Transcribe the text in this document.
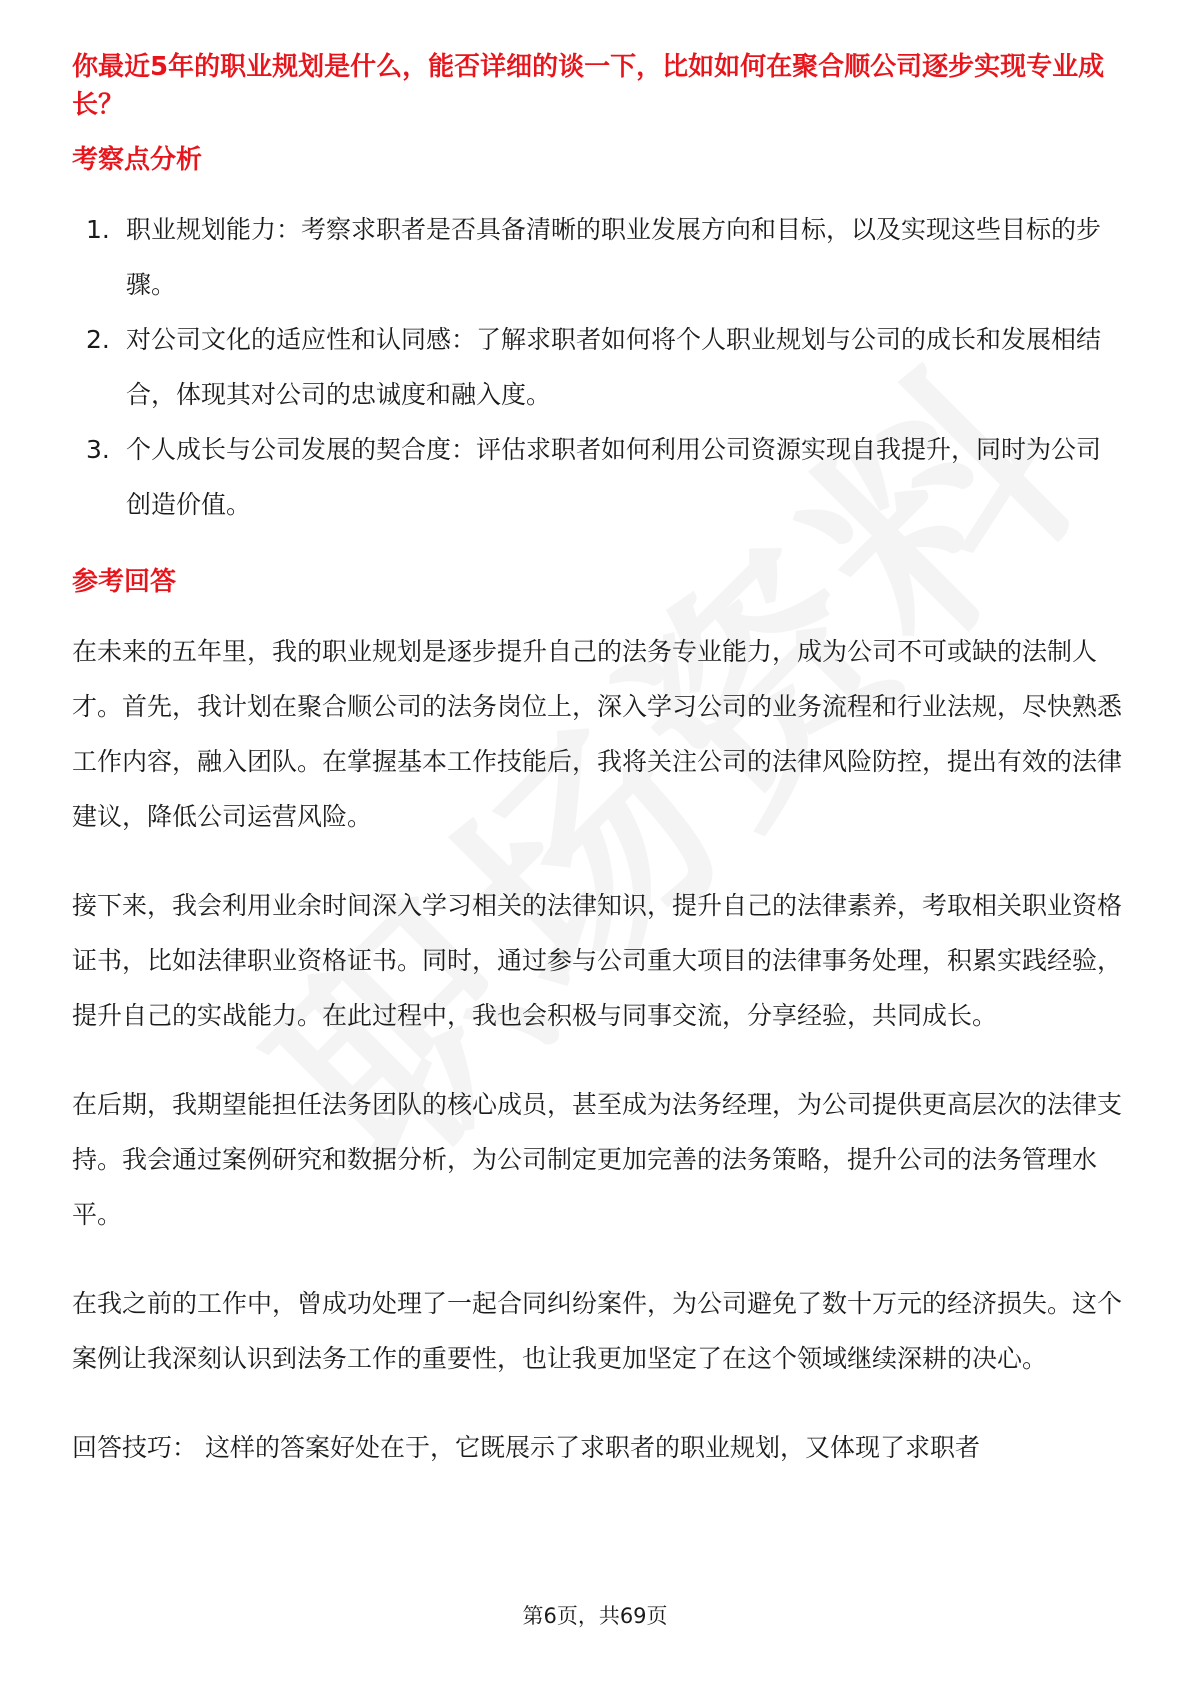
你最近5年的职业规划是什么，能否详细的谈一下，比如如何在聚合顺公司逐步实现专业成长？
考察点分析
1. 职业规划能力：考察求职者是否具备清晰的职业发展方向和目标，以及实现这些目标的步骤。
2. 对公司文化的适应性和认同感：了解求职者如何将个人职业规划与公司的成长和发展相结合，体现其对公司的忠诚度和融入度。
3. 个人成长与公司发展的契合度：评估求职者如何利用公司资源实现自我提升，同时为公司创造价值。
参考回答

在未来的五年里，我的职业规划是逐步提升自己的法务专业能力，成为公司不可或缺的法制人才。首先，我计划在聚合顺公司的法务岗位上，深入学习公司的业务流程和行业法规，尽快熟悉工作内容，融入团队。在掌握基本工作技能后，我将关注公司的法律风险防控，提出有效的法律建议，降低公司运营风险。

接下来，我会利用业余时间深入学习相关的法律知识，提升自己的法律素养，考取相关职业资格证书，比如法律职业资格证书。同时，通过参与公司重大项目的法律事务处理，积累实践经验，提升自己的实战能力。在此过程中，我也会积极与同事交流，分享经验，共同成长。

在后期，我期望能担任法务团队的核心成员，甚至成为法务经理，为公司提供更高层次的法律支持。我会通过案例研究和数据分析，为公司制定更加完善的法务策略，提升公司的法务管理水平。

在我之前的工作中，曾成功处理了一起合同纠纷案件，为公司避免了数十万元的经济损失。这个案例让我深刻认识到法务工作的重要性，也让我更加坚定了在这个领域继续深耕的决心。

回答技巧： 这样的答案好处在于，它既展示了求职者的职业规划，又体现了求职者

第6页，共69页
